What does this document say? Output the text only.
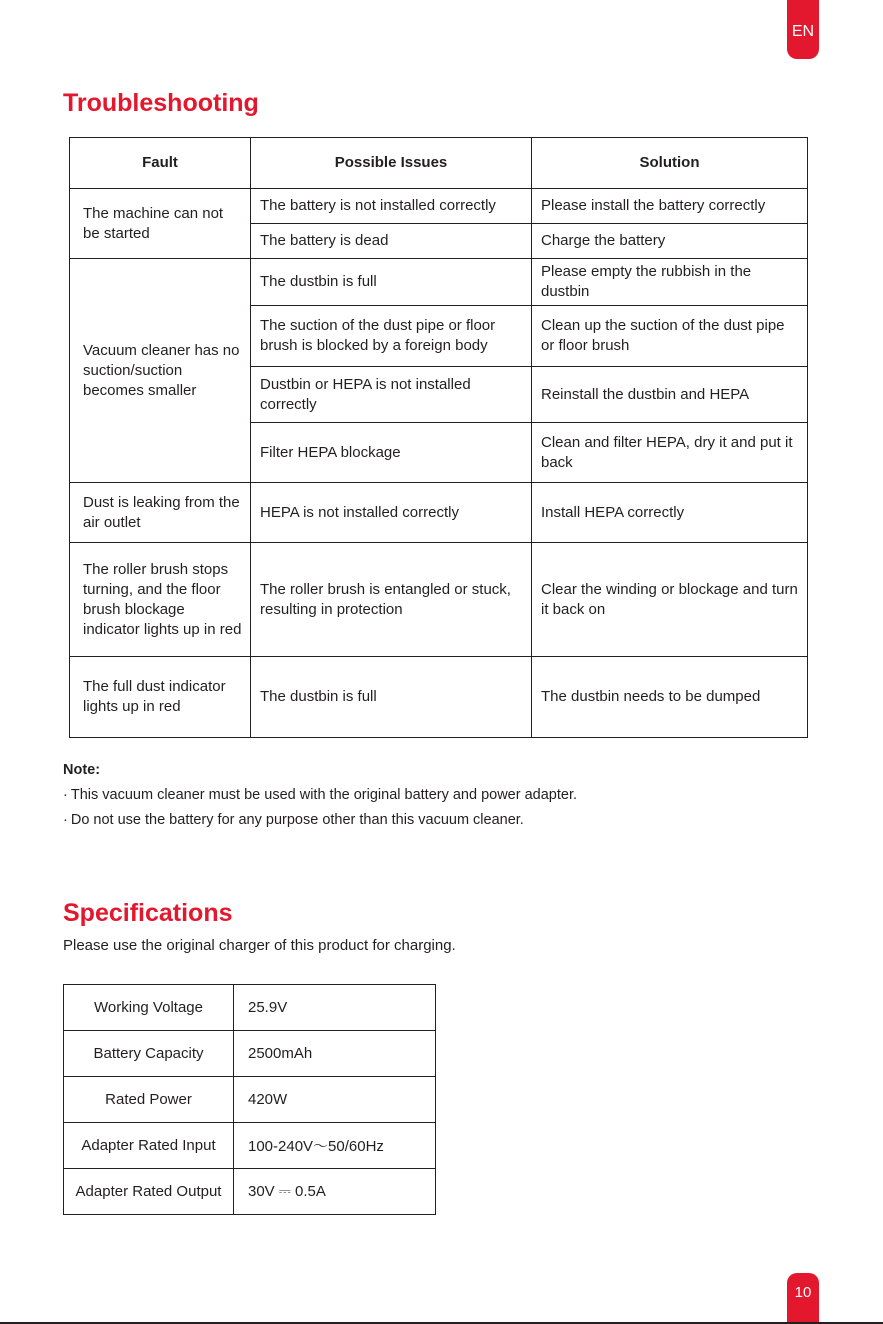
EN
Troubleshooting
Fault	Possible Issues	Solution
The machine can not be started	The battery is not installed correctly	Please install the battery correctly
	The battery is dead	Charge the battery
Vacuum cleaner has no suction/suction becomes smaller	The dustbin is full	Please empty the rubbish in the dustbin
	The suction of the dust pipe or floor brush is blocked by a foreign body	Clean up the suction of the dust pipe or floor brush
	Dustbin or HEPA is not installed correctly	Reinstall the dustbin and HEPA
	Filter HEPA blockage	Clean and filter HEPA, dry it and put it back
Dust is leaking from the air outlet	HEPA is not installed correctly	Install HEPA correctly
The roller brush stops turning, and the floor brush blockage indicator lights up in red	The roller brush is entangled or stuck, resulting in protection	Clear the winding or blockage and turn it back on
The full dust indicator lights up in red	The dustbin is full	The dustbin needs to be dumped
Note:
· This vacuum cleaner must be used with the original battery and power adapter.
· Do not use the battery for any purpose other than this vacuum cleaner.
Specifications
Please use the original charger of this product for charging.
Working Voltage	25.9V
Battery Capacity	2500mAh
Rated Power	420W
Adapter Rated Input	100-240V～50/60Hz
Adapter Rated Output	30V ⎓ 0.5A
10
